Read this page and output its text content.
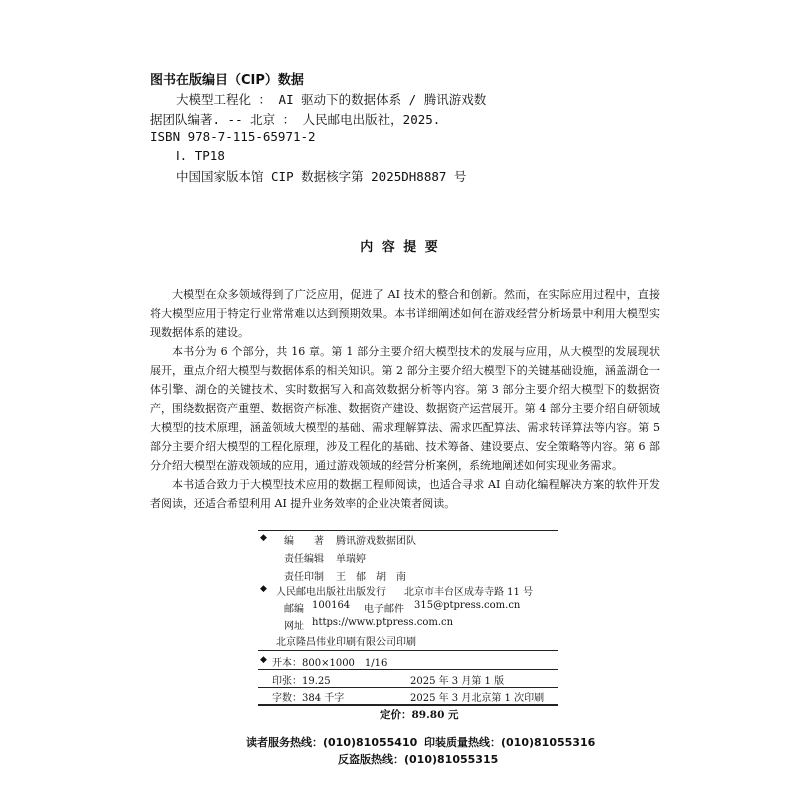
图书在版编目（CIP）数据
大模型工程化 ： AI 驱动下的数据体系 / 腾讯游戏数
据团队编著. -- 北京 ： 人民邮电出版社，2025.
ISBN 978-7-115-65971-2
Ⅰ. TP18
中国国家版本馆 CIP 数据核字第 2025DH8887 号
内 容 提 要

大模型在众多领域得到了广泛应用，促进了 AI 技术的整合和创新。然而，在实际应用过程中，直接将大模型应用于特定行业常常难以达到预期效果。本书详细阐述如何在游戏经营分析场景中利用大模型实现数据体系的建设。

本书分为 6 个部分，共 16 章。第 1 部分主要介绍大模型技术的发展与应用，从大模型的发展现状展开，重点介绍大模型与数据体系的相关知识。第 2 部分主要介绍大模型下的关键基础设施，涵盖湖仓一体引擎、湖仓的关键技术、实时数据写入和高效数据分析等内容。第 3 部分主要介绍大模型下的数据资产，围绕数据资产重塑、数据资产标准、数据资产建设、数据资产运营展开。第 4 部分主要介绍自研领域大模型的技术原理，涵盖领域大模型的基础、需求理解算法、需求匹配算法、需求转译算法等内容。第 5 部分主要介绍大模型的工程化原理，涉及工程化的基础、技术筹备、建设要点、安全策略等内容。第 6 部分介绍大模型在游戏领域的应用，通过游戏领域的经营分析案例，系统地阐述如何实现业务需求。

本书适合致力于大模型技术应用的数据工程师阅读，也适合寻求 AI 自动化编程解决方案的软件开发者阅读，还适合希望利用 AI 提升业务效率的企业决策者阅读。

◆ 编　　著 腾讯游戏数据团队
责任编辑 单瑞婷
责任印制 王　郁　胡　南
◆ 人民邮电出版社出版发行 北京市丰台区成寿寺路 11 号
邮编 100164 电子邮件 315@ptpress.com.cn
网址 https://www.ptpress.com.cn
北京隆昌伟业印刷有限公司印刷
◆ 开本：800×1000　1/16
印张：19.25	2025 年 3 月第 1 版
字数：384 千字	2025 年 3 月北京第 1 次印刷
定价：89.80 元
读者服务热线：(010)81055410 印装质量热线：(010)81055316
反盗版热线：(010)81055315
